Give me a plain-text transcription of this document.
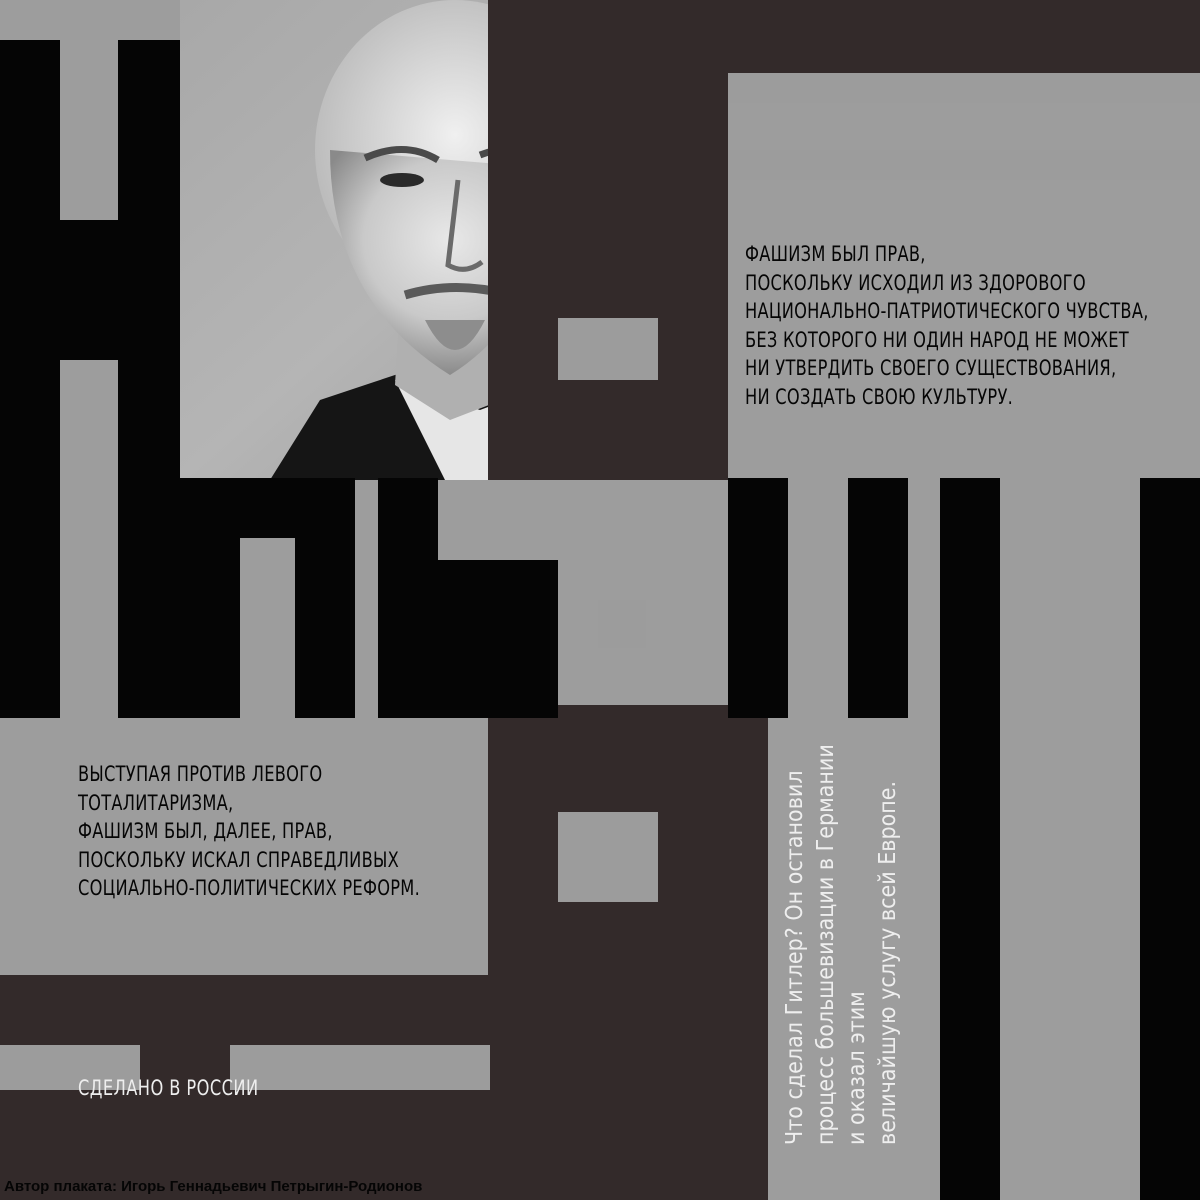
ФАШИЗМ БЫЛ ПРАВ,
ПОСКОЛЬКУ ИСХОДИЛ ИЗ ЗДОРОВОГО
НАЦИОНАЛЬНО-ПАТРИОТИЧЕСКОГО ЧУВСТВА,
БЕЗ КОТОРОГО НИ ОДИН НАРОД НЕ МОЖЕТ
НИ УТВЕРДИТЬ СВОЕГО СУЩЕСТВОВАНИЯ,
НИ СОЗДАТЬ СВОЮ КУЛЬТУРУ.
ВЫСТУПАЯ ПРОТИВ ЛЕВОГО
ТОТАЛИТАРИЗМА,
ФАШИЗМ БЫЛ, ДАЛЕЕ, ПРАВ,
ПОСКОЛЬКУ ИСКАЛ СПРАВЕДЛИВЫХ
СОЦИАЛЬНО-ПОЛИТИЧЕСКИХ РЕФОРМ.	Что сделал Гитлер? Он остановил процесс большевизации в Германии и оказал этим величайшую услугу всей Европе.
СДЕЛАНО В РОССИИ
Автор плаката: Игорь Геннадьевич Петрыгин-Родионов
